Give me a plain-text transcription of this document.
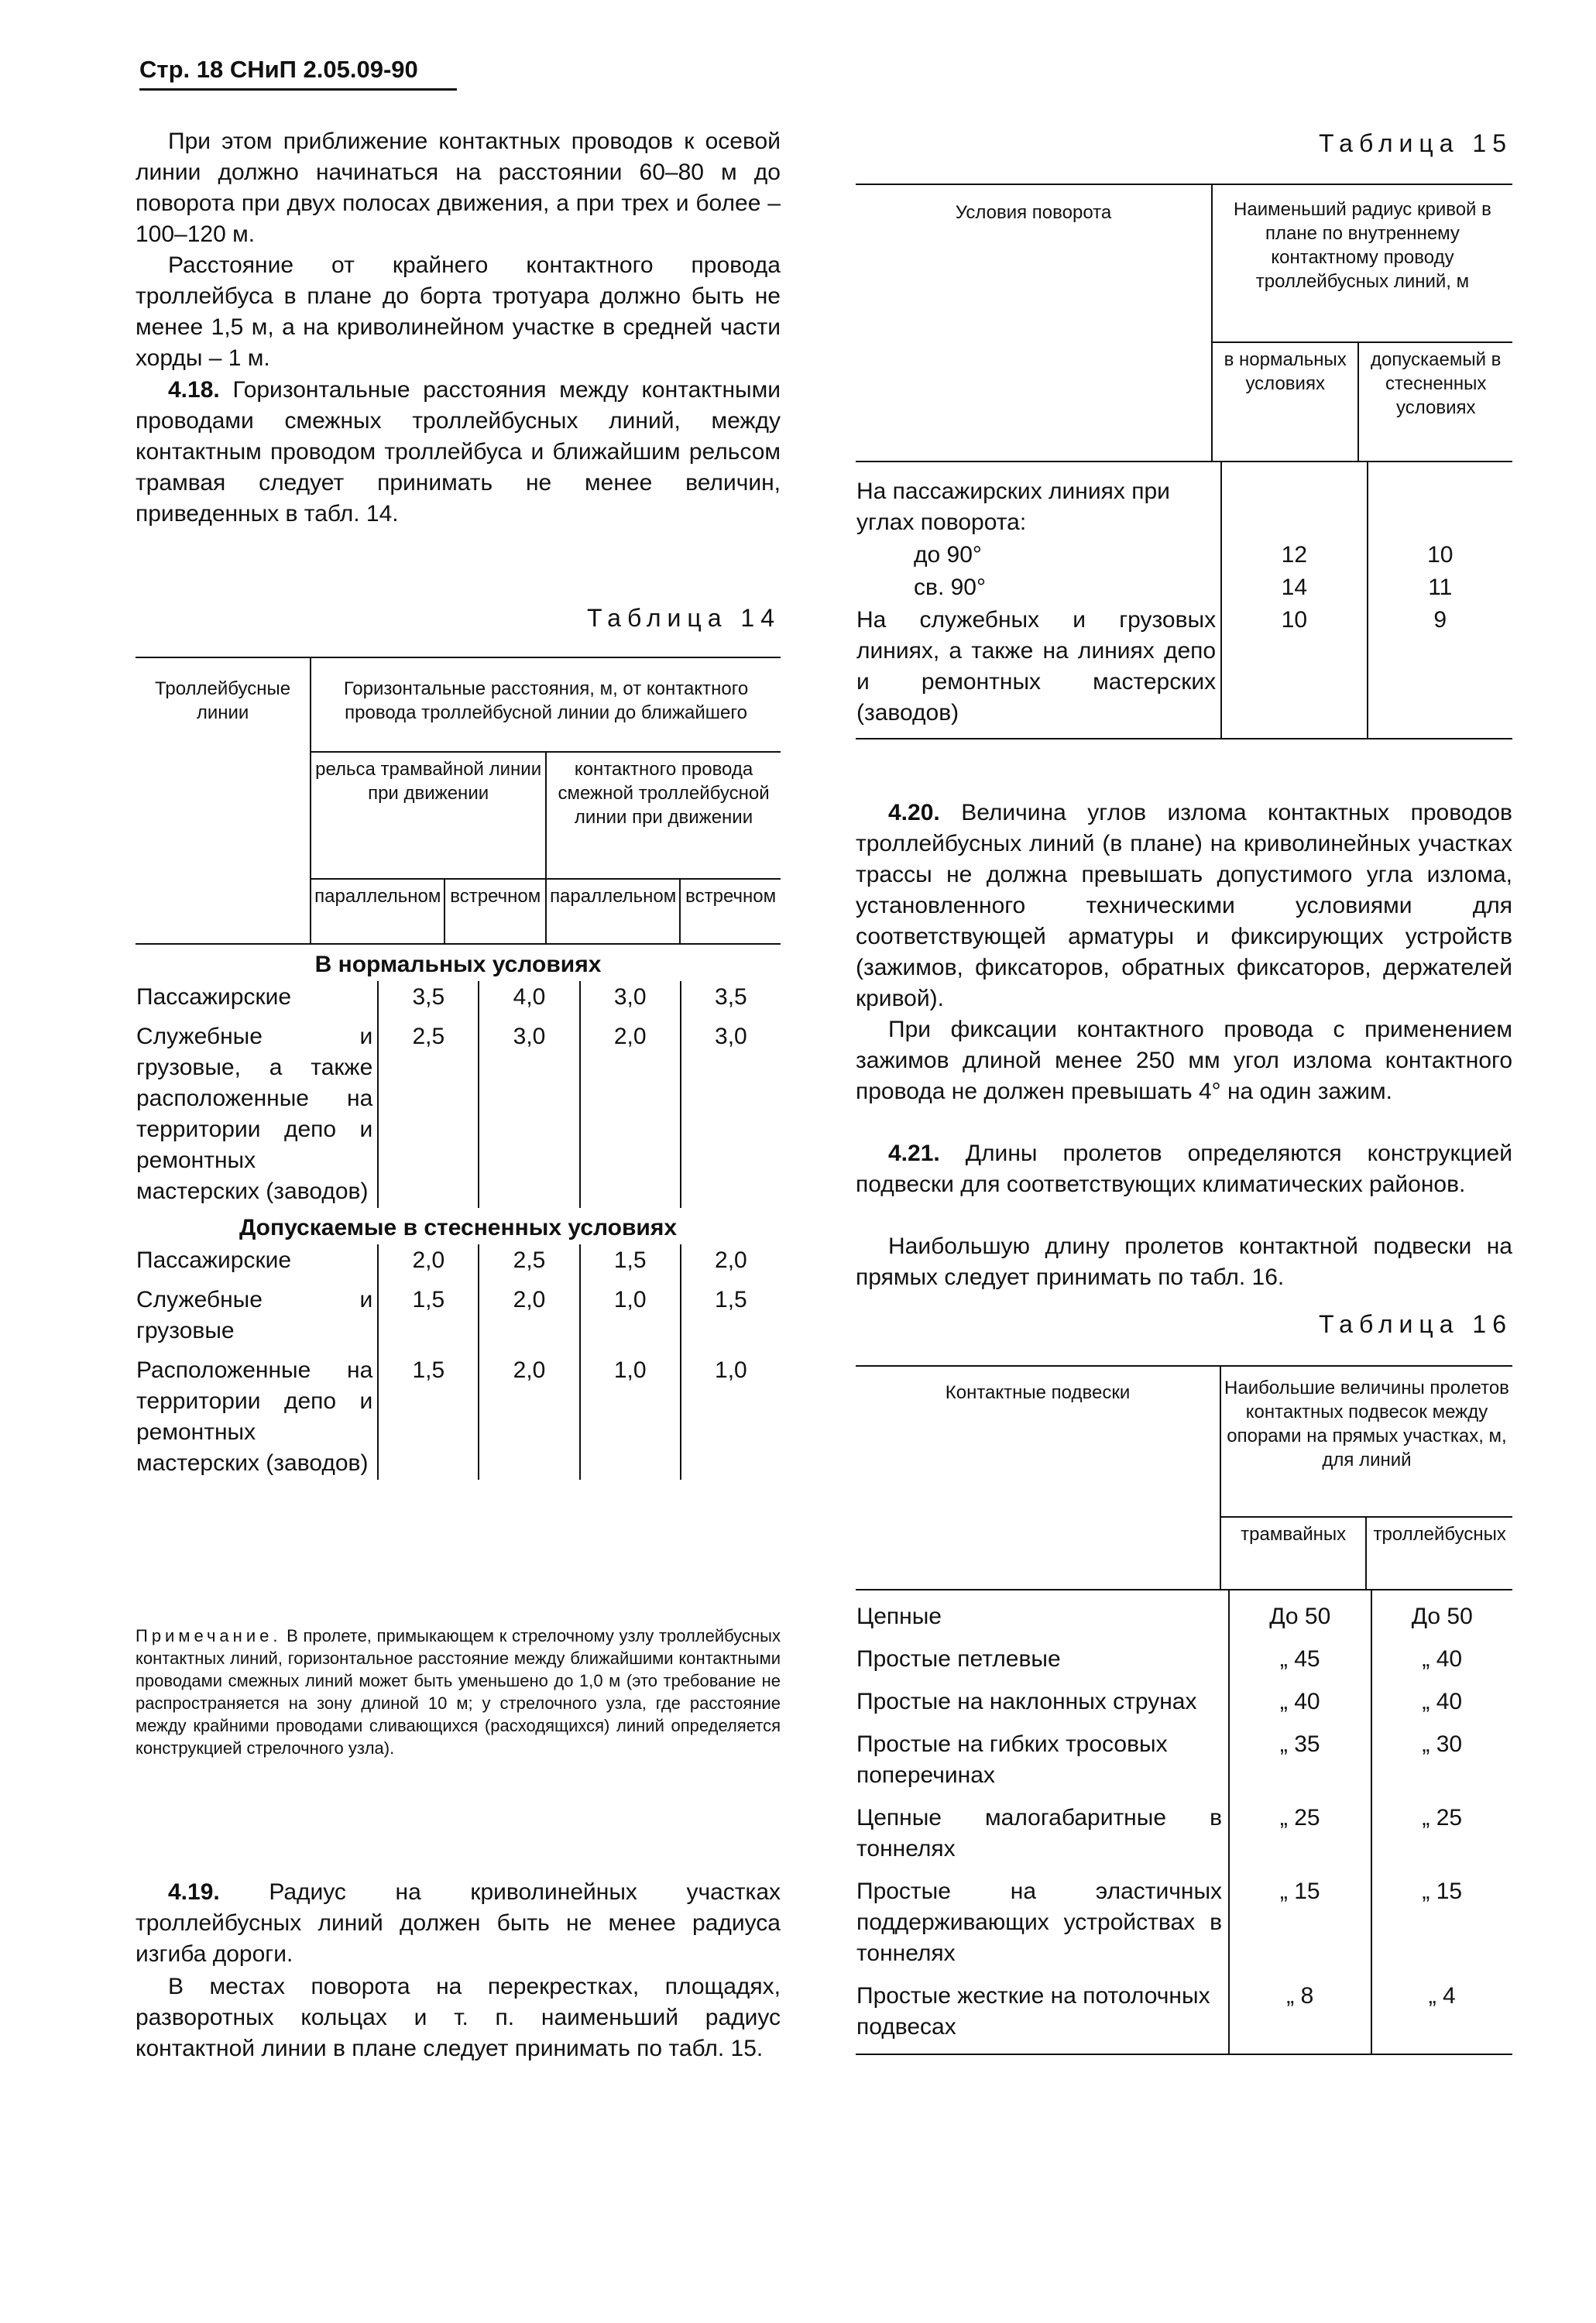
Стр. 18 СНиП 2.05.09-90

При этом приближение контактных проводов к осевой линии должно начинаться на расстоянии 60–80 м до поворота при двух полосах движения, а при трех и более – 100–120 м.

Расстояние от крайнего контактного провода троллейбуса в плане до борта тротуара должно быть не менее 1,5 м, а на криволинейном участке в средней части хорды – 1 м.

4.18. Горизонтальные расстояния между контактными проводами смежных троллейбусных линий, между контактным проводом троллейбуса и ближайшим рельсом трамвая следует принимать не менее величин, приведенных в табл. 14.

Таблица 14
Троллейбусные линии	Горизонтальные расстояния, м, от контактного провода троллейбусной линии до ближайшего			
	рельса трамвайной линии при движении		контактного провода смежной троллейбусной линии при движении	
	параллельном	встречном	параллельном	встречном
В нормальных условиях				
Пассажирские	3,5	4,0	3,0	3,5
Служебные и грузовые, а также расположенные на территории депо и ремонтных мастерских (заводов)	2,5	3,0	2,0	3,0
Допускаемые в стесненных условиях				
Пассажирские	2,0	2,5	1,5	2,0
Служебные и грузовые	1,5	2,0	1,0	1,5
Расположенные на территории депо и ремонтных мастерских (заводов)	1,5	2,0	1,0	1,0
Примечание. В пролете, примыкающем к стрелочному узлу троллейбусных контактных линий, горизонтальное расстояние между ближайшими контактными проводами смежных линий может быть уменьшено до 1,0 м (это требование не распространяется на зону длиной 10 м; у стрелочного узла, где расстояние между крайними проводами сливающихся (расходящихся) линий определяется конструкцией стрелочного узла).

4.19. Радиус на криволинейных участках троллейбусных линий должен быть не менее радиуса изгиба дороги.

В местах поворота на перекрестках, площадях, разворотных кольцах и т. п. наименьший радиус контактной линии в плане следует принимать по табл. 15.

Таблица 15
Условия поворота	Наименьший радиус кривой в плане по внутреннему контактному проводу троллейбусных линий, м	
	в нормальных условиях	допускаемый в стесненных условиях
На пассажирских линиях при углах поворота:		
до 90°	12	10
св. 90°	14	11
На служебных и грузовых линиях, а также на линиях депо и ремонтных мастерских (заводов)	10	9

4.20. Величина углов излома контактных проводов троллейбусных линий (в плане) на криволинейных участках трассы не должна превышать допустимого угла излома, установленного техническими условиями для соответствующей арматуры и фиксирующих устройств (зажимов, фиксаторов, обратных фиксаторов, держателей кривой).

При фиксации контактного провода с применением зажимов длиной менее 250 мм угол излома контактного провода не должен превышать 4° на один зажим.

4.21. Длины пролетов определяются конструкцией подвески для соответствующих климатических районов.

Наибольшую длину пролетов контактной подвески на прямых следует принимать по табл. 16.

Таблица 16
Контактные подвески	Наибольшие величины пролетов контактных подвесок между опорами на прямых участках, м, для линий	
	трамвайных	троллейбусных
Цепные	До 50	До 50
Простые петлевые	„ 45	„ 40
Простые на наклонных струнах	„ 40	„ 40
Простые на гибких тросовых поперечинах	„ 35	„ 30
Цепные малогабаритные в тоннелях	„ 25	„ 25
Простые на эластичных поддерживающих устройствах в тоннелях	„ 15	„ 15
Простые жесткие на потолочных подвесах	„ 8	„ 4
